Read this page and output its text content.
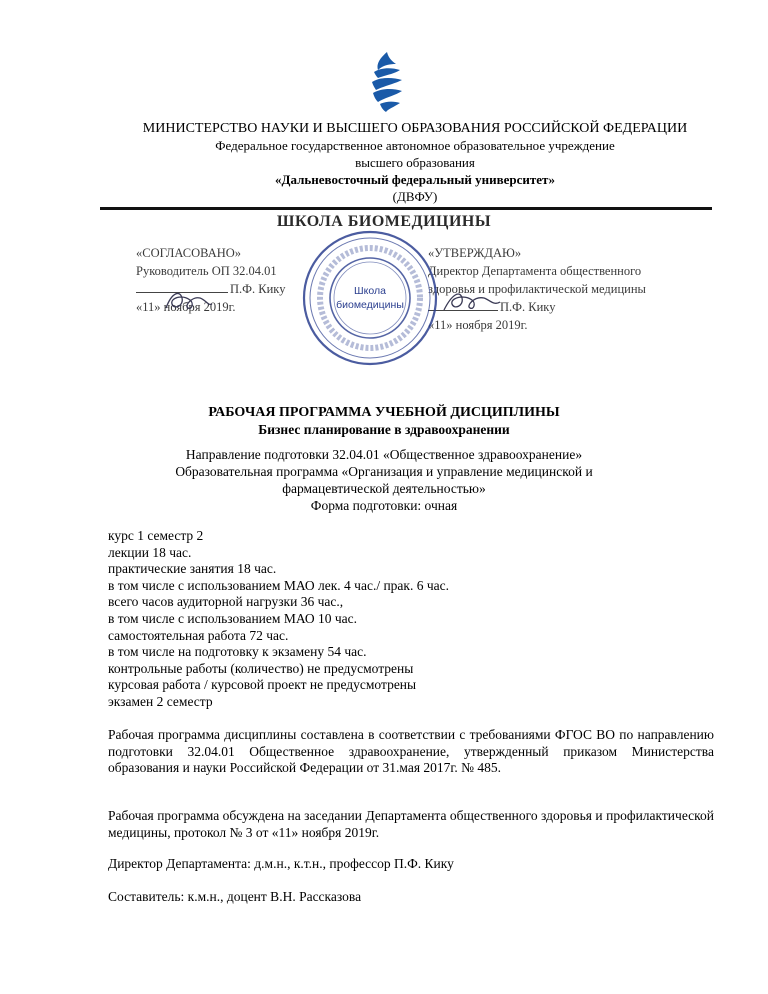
МИНИСТЕРСТВО НАУКИ И ВЫСШЕГО ОБРАЗОВАНИЯ РОССИЙСКОЙ ФЕДЕРАЦИИ
Федеральное государственное автономное образовательное учреждение
высшего образования
«Дальневосточный федеральный университет»
(ДВФУ)
ШКОЛА БИОМЕДИЦИНЫ
«СОГЛАСОВАНО»
Руководитель ОП 32.04.01
П.Ф. Кику
«11» ноября 2019г.
«УТВЕРЖДАЮ»
Директор Департамента общественного
здоровья и профилактической медицины
П.Ф. Кику
«11» ноября 2019г.
Школа
биомедицины
РАБОЧАЯ ПРОГРАММА УЧЕБНОЙ ДИСЦИПЛИНЫ
Бизнес планирование в здравоохранении
Направление подготовки 32.04.01 «Общественное здравоохранение»
Образовательная программа «Организация и управление медицинской и
фармацевтической деятельностью»
Форма подготовки: очная
курс 1 семестр 2
лекции 18 час.
практические занятия 18 час.
в том числе с использованием МАО лек. 4 час./ прак. 6 час.
всего часов аудиторной нагрузки 36 час.,
в том числе с использованием МАО 10 час.
самостоятельная работа 72 час.
в том числе на подготовку к экзамену 54 час.
контрольные работы (количество) не предусмотрены
курсовая работа / курсовой проект не предусмотрены
экзамен 2 семестр
Рабочая программа дисциплины составлена в соответствии с требованиями ФГОС ВО по направлению подготовки 32.04.01 Общественное здравоохранение, утвержденный приказом Министерства образования и науки Российской Федерации от 31.мая 2017г. № 485.
Рабочая программа обсуждена на заседании Департамента общественного здоровья и профилактической медицины, протокол № 3 от «11» ноября 2019г.
Директор Департамента: д.м.н., к.т.н., профессор П.Ф. Кику
Составитель: к.м.н., доцент В.Н. Рассказова
